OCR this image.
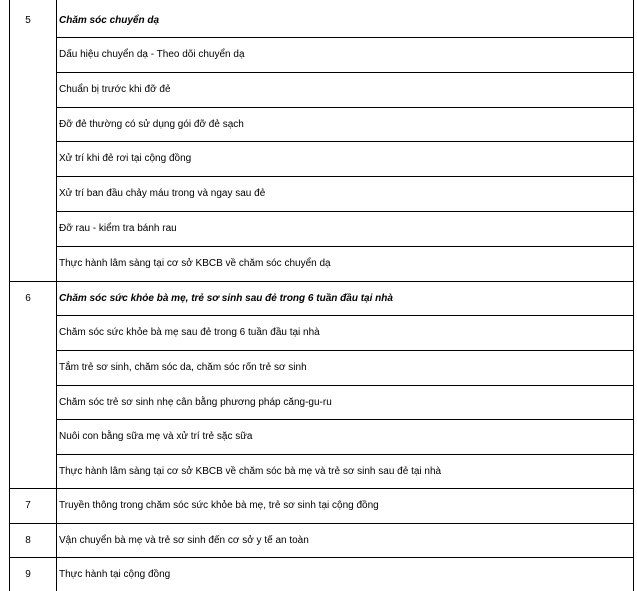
5	Chăm sóc chuyển dạ
Dấu hiệu chuyển dạ - Theo dõi chuyển dạ
Chuẩn bị trước khi đỡ đẻ
Đỡ đẻ thường có sử dụng gói đỡ đẻ sạch
Xử trí khi đẻ rơi tại cộng đồng
Xử trí ban đầu chảy máu trong và ngay sau đẻ
Đỡ rau - kiểm tra bánh rau
Thực hành lâm sàng tại cơ sở KBCB về chăm sóc chuyển dạ
6	Chăm sóc sức khỏe bà mẹ, trẻ sơ sinh sau đẻ trong 6 tuần đầu tại nhà
Chăm sóc sức khỏe bà mẹ sau đẻ trong 6 tuần đầu tại nhà
Tắm trẻ sơ sinh, chăm sóc da, chăm sóc rốn trẻ sơ sinh
Chăm sóc trẻ sơ sinh nhẹ cân bằng phương pháp căng-gu-ru
Nuôi con bằng sữa mẹ và xử trí trẻ sặc sữa
Thực hành lâm sàng tại cơ sở KBCB về chăm sóc bà mẹ và trẻ sơ sinh sau đẻ tại nhà
7	Truyền thông trong chăm sóc sức khỏe bà mẹ, trẻ sơ sinh tại cộng đồng
8	Vận chuyển bà mẹ và trẻ sơ sinh đến cơ sở y tế an toàn
9	Thực hành tại cộng đồng
